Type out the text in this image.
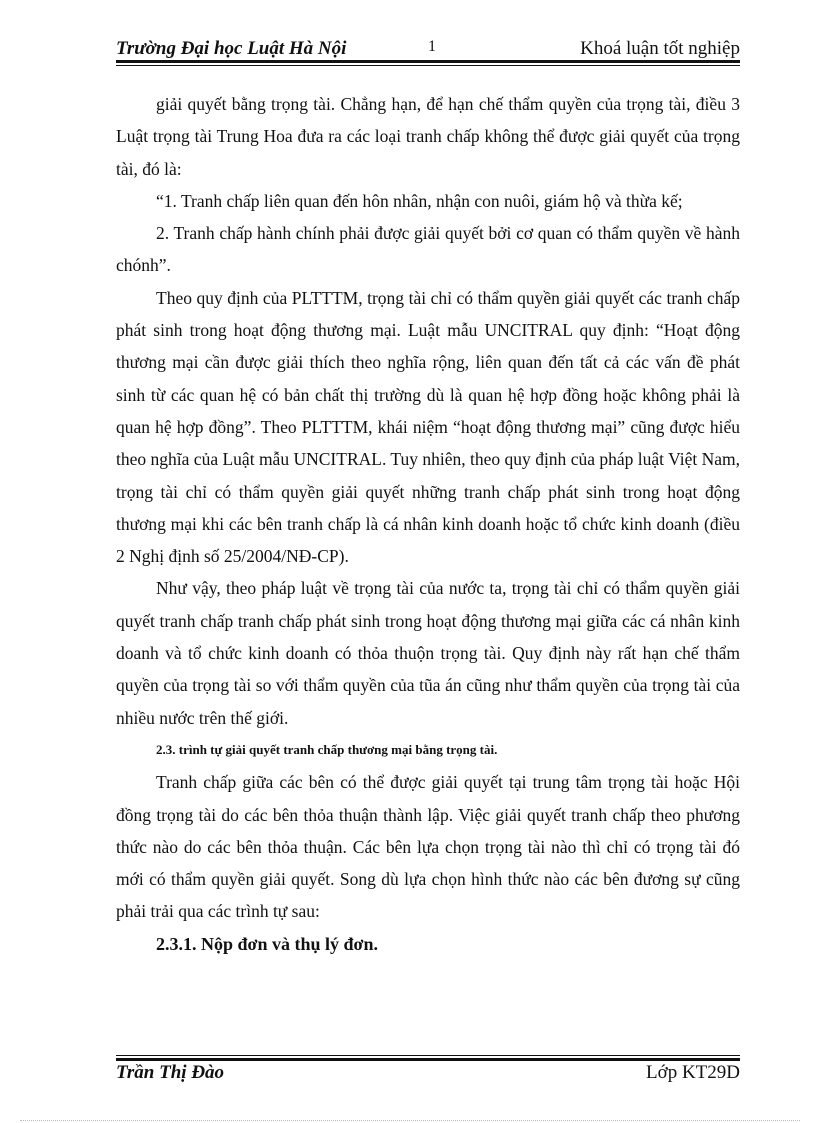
Trường Đại học Luật Hà Nội	1	Khoá luận tốt nghiệp

giải quyết bằng trọng tài. Chẳng hạn, để hạn chế thẩm quyền của trọng tài, điều 3 Luật trọng tài Trung Hoa đưa ra các loại tranh chấp không thể được giải quyết của trọng tài, đó là:

“1. Tranh chấp liên quan đến hôn nhân, nhận con nuôi, giám hộ và thừa kế;

2. Tranh chấp hành chính phải được giải quyết bởi cơ quan có thẩm quyền về hành chónh”.

Theo quy định của PLTTTM, trọng tài chỉ có thẩm quyền giải quyết các tranh chấp phát sinh trong hoạt động thương mại. Luật mẫu UNCITRAL quy định: “Hoạt động thương mại cần được giải thích theo nghĩa rộng, liên quan đến tất cả các vấn đề phát sinh từ các quan hệ có bản chất thị trường dù là quan hệ hợp đồng hoặc không phải là quan hệ hợp đồng”. Theo PLTTTM, khái niệm “hoạt động thương mại” cũng được hiểu theo nghĩa của Luật mẫu UNCITRAL. Tuy nhiên, theo quy định của pháp luật Việt Nam, trọng tài chỉ có thẩm quyền giải quyết những tranh chấp phát sinh trong hoạt động thương mại khi các bên tranh chấp là cá nhân kinh doanh hoặc tổ chức kinh doanh (điều 2 Nghị định số 25/2004/NĐ-CP).

Như vậy, theo pháp luật về trọng tài của nước ta, trọng tài chỉ có thẩm quyền giải quyết tranh chấp tranh chấp phát sinh trong hoạt động thương mại giữa các cá nhân kinh doanh và tổ chức kinh doanh có thỏa thuộn trọng tài. Quy định này rất hạn chế thẩm quyền của trọng tài so với thẩm quyền của tũa án cũng như thẩm quyền của trọng tài của nhiều nước trên thế giới.

2.3. trình tự giải quyết tranh chấp thương mại bằng trọng tài.

Tranh chấp giữa các bên có thể được giải quyết tại trung tâm trọng tài hoặc Hội đồng trọng tài do các bên thỏa thuận thành lập. Việc giải quyết tranh chấp theo phương thức nào do các bên thỏa thuận. Các bên lựa chọn trọng tài nào thì chỉ có trọng tài đó mới có thẩm quyền giải quyết. Song dù lựa chọn hình thức nào các bên đương sự cũng phải trải qua các trình tự sau:

2.3.1. Nộp đơn và thụ lý đơn.

Trần Thị Đào	Lớp KT29D
